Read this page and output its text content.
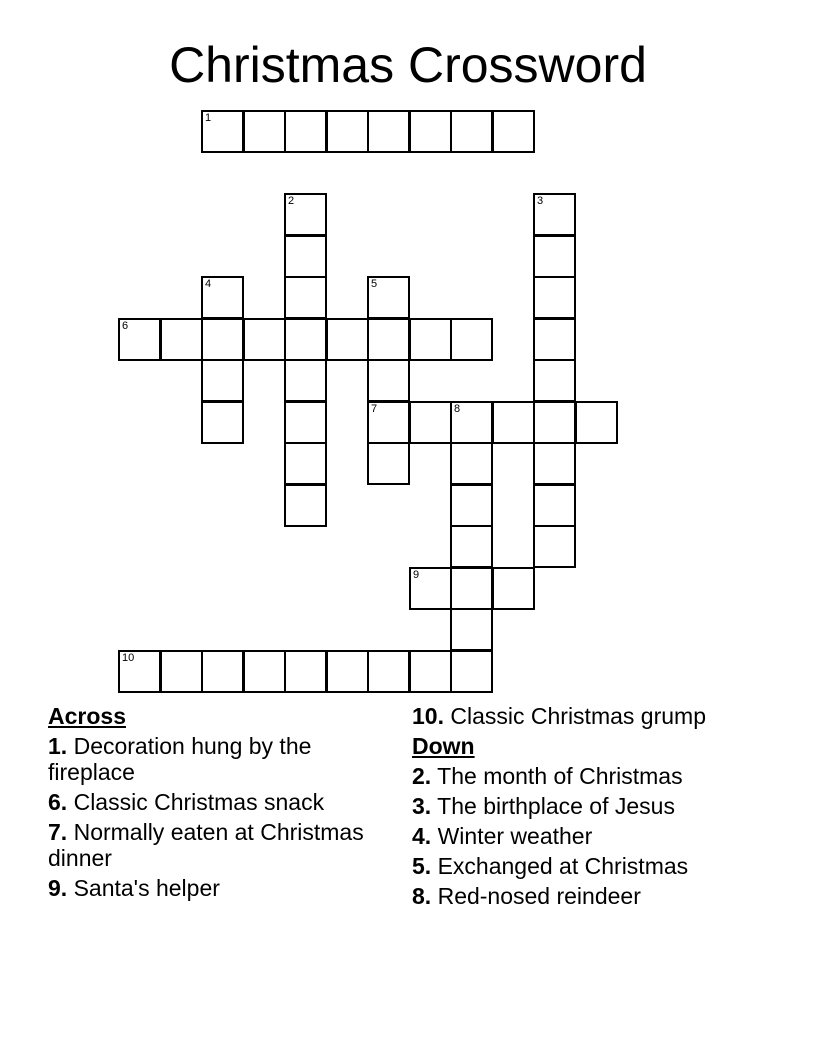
Christmas Crossword
1
2	3
4	5
7
6
8
9
10

Across

1. Decoration hung by the fireplace

6. Classic Christmas snack

7. Normally eaten at Christmas dinner

9. Santa's helper

10. Classic Christmas grump

Down

2. The month of Christmas

3. The birthplace of Jesus

4. Winter weather

5. Exchanged at Christmas

8. Red-nosed reindeer
